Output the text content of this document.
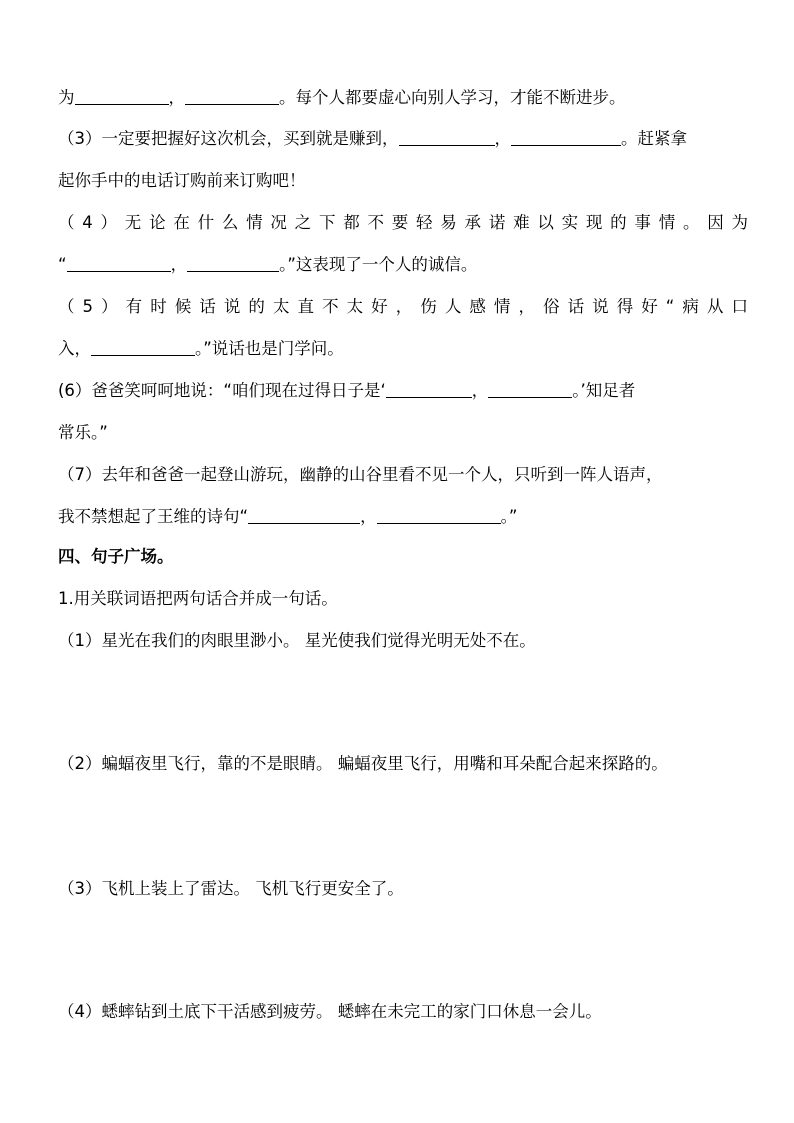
为	，	。每个人都要虚心向别人学习，才能不断进步。
（3）一定要把握好这次机会，买到就是赚到，	，	。赶紧拿
起你手中的电话订购前来订购吧！
（4）无论在什么情况之下都不要轻易承诺难以实现的事情。因为
“	，	。”这表现了一个人的诚信。
（5）有时候话说的太直不太好，伤人感情，俗话说得好“病从口
入，	。”说话也是门学问。
(6）爸爸笑呵呵地说：“咱们现在过得日子是‘	，	。’知足者
常乐。”
（7）去年和爸爸一起登山游玩，幽静的山谷里看不见一个人，只听到一阵人语声，
我不禁想起了王维的诗句“	，	。”
四、句子广场。
1.用关联词语把两句话合并成一句话。
（1）星光在我们的肉眼里渺小。 星光使我们觉得光明无处不在。
（2）蝙蝠夜里飞行，靠的不是眼睛。 蝙蝠夜里飞行，用嘴和耳朵配合起来探路的。
（3）飞机上装上了雷达。 飞机飞行更安全了。
（4）蟋蟀钻到土底下干活感到疲劳。 蟋蟀在未完工的家门口休息一会儿。
